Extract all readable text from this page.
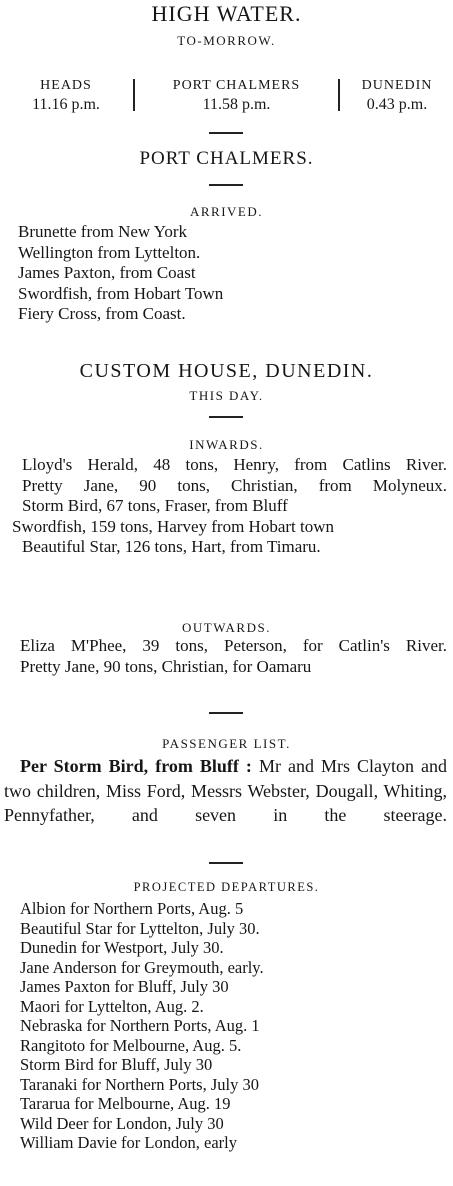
HIGH WATER.
TO-MORROW.
HEADS
11.16 p.m.
PORT CHALMERS
11.58 p.m.
DUNEDIN
0.43 p.m.
PORT CHALMERS.
ARRIVED.
Brunette from New York
Wellington from Lyttelton.
James Paxton, from Coast
Swordfish, from Hobart Town
Fiery Cross, from Coast.
CUSTOM HOUSE, DUNEDIN.
THIS DAY.
INWARDS.
Lloyd's Herald, 48 tons, Henry, from Catlins River.
Pretty Jane, 90 tons, Christian, from Molyneux.
Storm Bird, 67 tons, Fraser, from Bluff
Swordfish, 159 tons, Harvey from Hobart town
Beautiful Star, 126 tons, Hart, from Timaru.
OUTWARDS.
Eliza M'Phee, 39 tons, Peterson, for Catlin's River.
Pretty Jane, 90 tons, Christian, for Oamaru
PASSENGER LIST.
Per Storm Bird, from Bluff : Mr and Mrs Clayton and two children, Miss Ford, Messrs Webster, Dougall, Whiting, Pennyfather, and seven in the steerage.
PROJECTED DEPARTURES.
Albion for Northern Ports, Aug. 5
Beautiful Star for Lyttelton, July 30.
Dunedin for Westport, July 30.
Jane Anderson for Greymouth, early.
James Paxton for Bluff, July 30
Maori for Lyttelton, Aug. 2.
Nebraska for Northern Ports, Aug. 1
Rangitoto for Melbourne, Aug. 5.
Storm Bird for Bluff, July 30
Taranaki for Northern Ports, July 30
Tararua for Melbourne, Aug. 19
Wild Deer for London, July 30
William Davie for London, early
